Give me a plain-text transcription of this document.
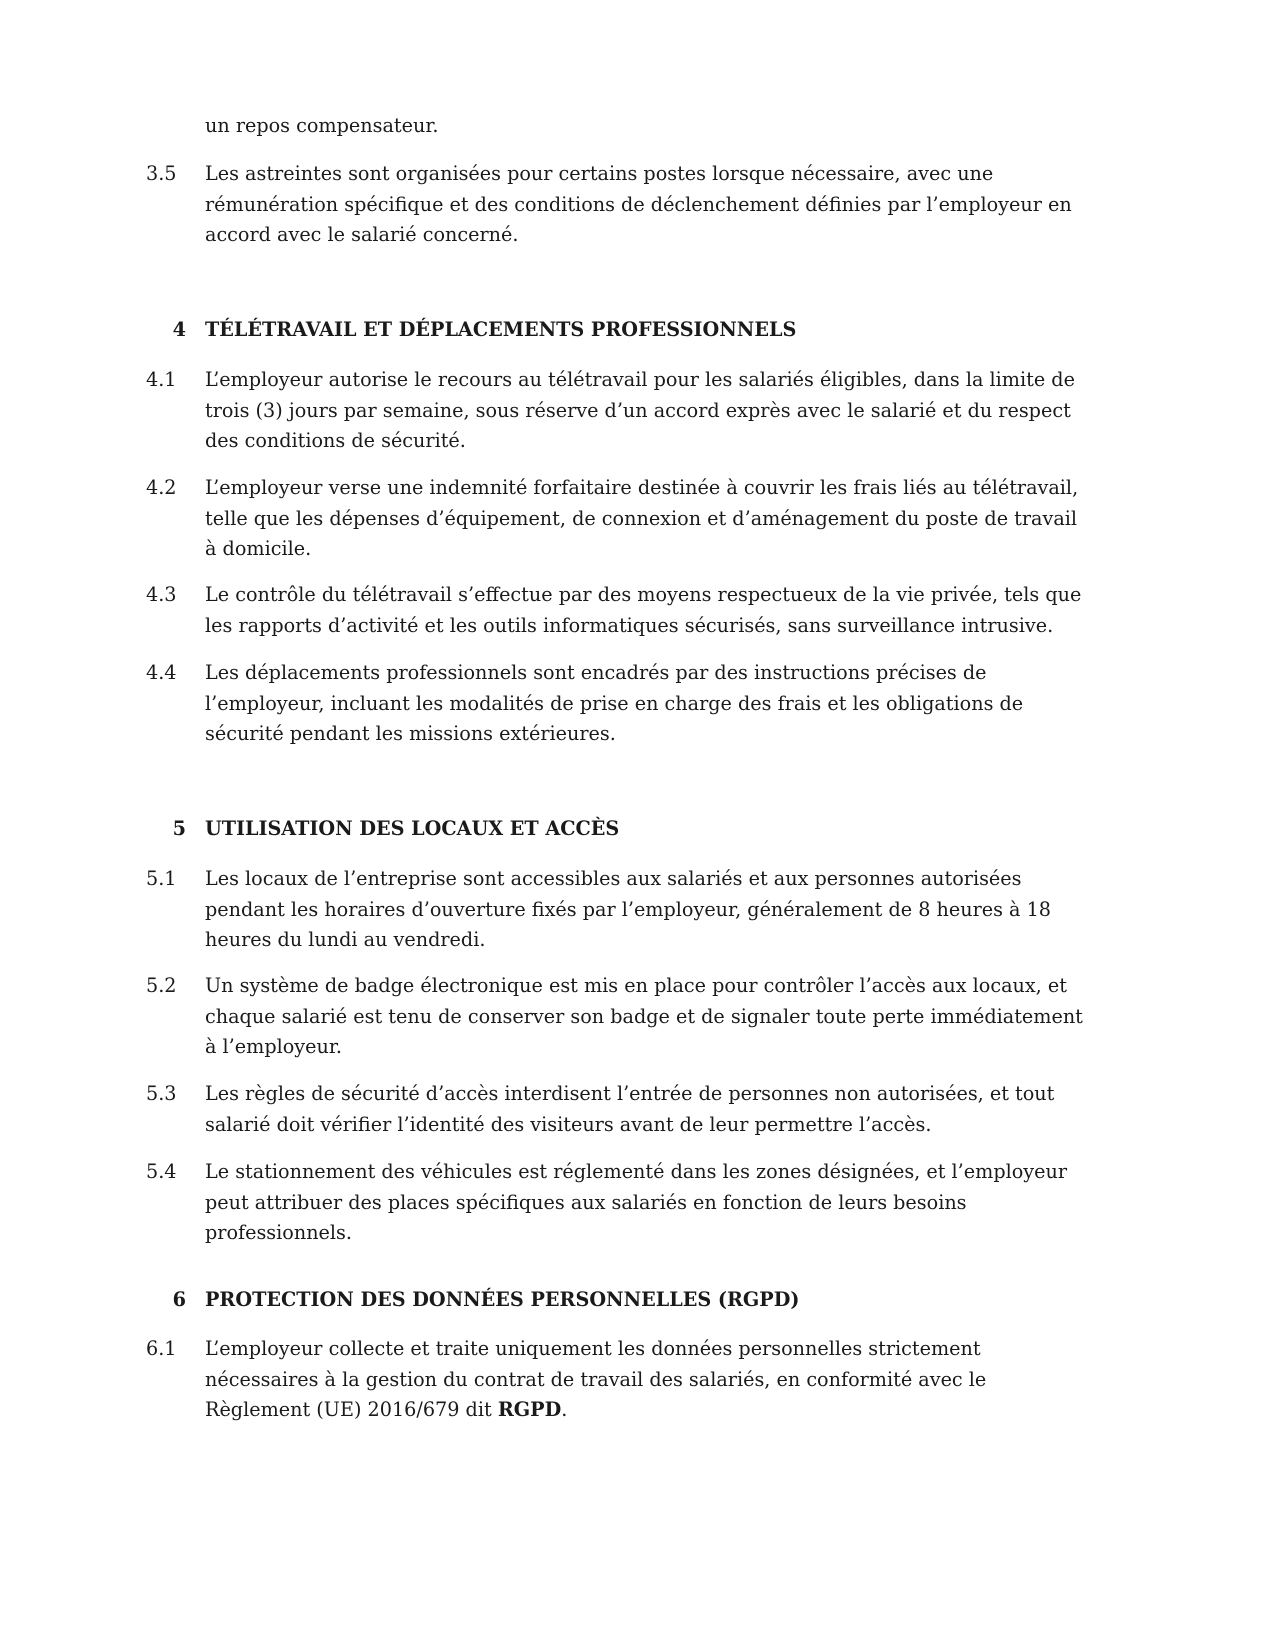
un repos compensateur.
3.5	Les astreintes sont organisées pour certains postes lorsque nécessaire, avec une rémunération spécifique et des conditions de déclenchement définies par l’employeur en accord avec le salarié concerné.
4 TÉLÉTRAVAIL ET DÉPLACEMENTS PROFESSIONNELS
4.1	L’employeur autorise le recours au télétravail pour les salariés éligibles, dans la limite de trois (3) jours par semaine, sous réserve d’un accord exprès avec le salarié et du respect des conditions de sécurité.
4.2	L’employeur verse une indemnité forfaitaire destinée à couvrir les frais liés au télétravail, telle que les dépenses d’équipement, de connexion et d’aménagement du poste de travail à domicile.
4.3	Le contrôle du télétravail s’effectue par des moyens respectueux de la vie privée, tels que les rapports d’activité et les outils informatiques sécurisés, sans surveillance intrusive.
4.4	Les déplacements professionnels sont encadrés par des instructions précises de l’employeur, incluant les modalités de prise en charge des frais et les obligations de sécurité pendant les missions extérieures.
5 UTILISATION DES LOCAUX ET ACCÈS
5.1	Les locaux de l’entreprise sont accessibles aux salariés et aux personnes autorisées pendant les horaires d’ouverture fixés par l’employeur, généralement de 8 heures à 18 heures du lundi au vendredi.
5.2	Un système de badge électronique est mis en place pour contrôler l’accès aux locaux, et chaque salarié est tenu de conserver son badge et de signaler toute perte immédiatement à l’employeur.
5.3	Les règles de sécurité d’accès interdisent l’entrée de personnes non autorisées, et tout salarié doit vérifier l’identité des visiteurs avant de leur permettre l’accès.
5.4	Le stationnement des véhicules est réglementé dans les zones désignées, et l’employeur peut attribuer des places spécifiques aux salariés en fonction de leurs besoins professionnels.
6 PROTECTION DES DONNÉES PERSONNELLES (RGPD)
6.1	L’employeur collecte et traite uniquement les données personnelles strictement nécessaires à la gestion du contrat de travail des salariés, en conformité avec le Règlement (UE) 2016/679 dit RGPD.
